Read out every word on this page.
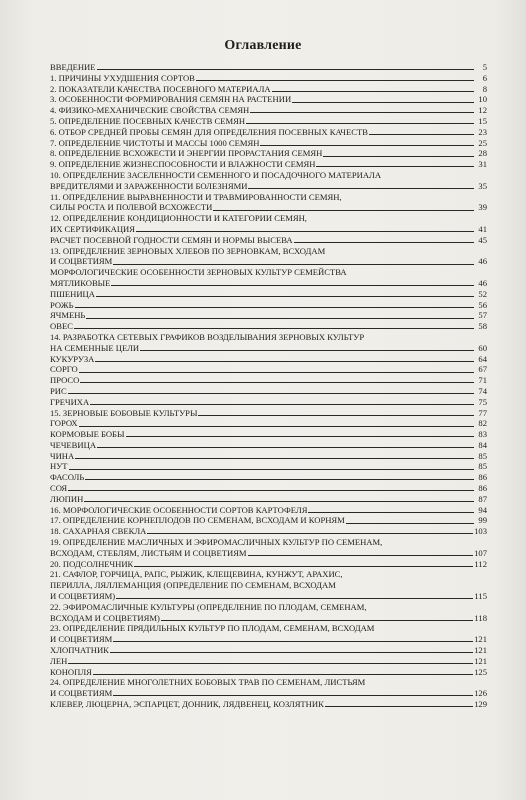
Оглавление
ВВЕДЕНИЕ	5
1. ПРИЧИНЫ УХУДШЕНИЯ СОРТОВ	6
2. ПОКАЗАТЕЛИ КАЧЕСТВА ПОСЕВНОГО МАТЕРИАЛА	8
3. ОСОБЕННОСТИ ФОРМИРОВАНИЯ СЕМЯН НА РАСТЕНИИ	10
4. ФИЗИКО-МЕХАНИЧЕСКИЕ СВОЙСТВА СЕМЯН	12
5. ОПРЕДЕЛЕНИЕ ПОСЕВНЫХ КАЧЕСТВ СЕМЯН	15
6. ОТБОР СРЕДНЕЙ ПРОБЫ СЕМЯН ДЛЯ ОПРЕДЕЛЕНИЯ ПОСЕВНЫХ КАЧЕСТВ	23
7. ОПРЕДЕЛЕНИЕ ЧИСТОТЫ И МАССЫ 1000 СЕМЯН	25
8. ОПРЕДЕЛЕНИЕ ВСХОЖЕСТИ И ЭНЕРГИИ ПРОРАСТАНИЯ СЕМЯН	28
9. ОПРЕДЕЛЕНИЕ ЖИЗНЕСПОСОБНОСТИ И ВЛАЖНОСТИ СЕМЯН	31
10. ОПРЕДЕЛЕНИЕ ЗАСЕЛЕННОСТИ СЕМЕННОГО И ПОСАДОЧНОГО МАТЕРИАЛА
ВРЕДИТЕЛЯМИ И ЗАРАЖЕННОСТИ БОЛЕЗНЯМИ	35
11. ОПРЕДЕЛЕНИЕ ВЫРАВНЕННОСТИ И ТРАВМИРОВАННОСТИ СЕМЯН,
СИЛЫ РОСТА И ПОЛЕВОЙ ВСХОЖЕСТИ	39
12. ОПРЕДЕЛЕНИЕ КОНДИЦИОННОСТИ И КАТЕГОРИИ СЕМЯН,
ИХ СЕРТИФИКАЦИЯ	41
РАСЧЕТ ПОСЕВНОЙ ГОДНОСТИ СЕМЯН И НОРМЫ ВЫСЕВА	45
13. ОПРЕДЕЛЕНИЕ ЗЕРНОВЫХ ХЛЕБОВ ПО ЗЕРНОВКАМ, ВСХОДАМ
И СОЦВЕТИЯМ	46
МОРФОЛОГИЧЕСКИЕ ОСОБЕННОСТИ ЗЕРНОВЫХ КУЛЬТУР СЕМЕЙСТВА
МЯТЛИКОВЫЕ	46
ПШЕНИЦА	52
РОЖЬ	56
ЯЧМЕНЬ	57
ОВЕС	58
14. РАЗРАБОТКА СЕТЕВЫХ ГРАФИКОВ ВОЗДЕЛЫВАНИЯ ЗЕРНОВЫХ КУЛЬТУР
НА СЕМЕННЫЕ ЦЕЛИ	60
КУКУРУЗА	64
СОРГО	67
ПРОСО	71
РИС	74
ГРЕЧИХА	75
15. ЗЕРНОВЫЕ БОБОВЫЕ КУЛЬТУРЫ	77
ГОРОХ	82
КОРМОВЫЕ БОБЫ	83
ЧЕЧЕВИЦА	84
ЧИНА	85
НУТ	85
ФАСОЛЬ	86
СОЯ	86
ЛЮПИН	87
16. МОРФОЛОГИЧЕСКИЕ ОСОБЕННОСТИ СОРТОВ КАРТОФЕЛЯ	94
17. ОПРЕДЕЛЕНИЕ КОРНЕПЛОДОВ ПО СЕМЕНАМ, ВСХОДАМ И КОРНЯМ	99
18. САХАРНАЯ СВЕКЛА	103
19. ОПРЕДЕЛЕНИЕ МАСЛИЧНЫХ И ЭФИРОМАСЛИЧНЫХ КУЛЬТУР ПО СЕМЕНАМ,
ВСХОДАМ, СТЕБЛЯМ, ЛИСТЬЯМ И СОЦВЕТИЯМ	107
20. ПОДСОЛНЕЧНИК	112
21. САФЛОР, ГОРЧИЦА, РАПС, РЫЖИК, КЛЕЩЕВИНА, КУНЖУТ, АРАХИС,
ПЕРИЛЛА, ЛЯЛЛЕМАНЦИЯ (ОПРЕДЕЛЕНИЕ ПО СЕМЕНАМ, ВСХОДАМ
И СОЦВЕТИЯМ)	115
22. ЭФИРОМАСЛИЧНЫЕ КУЛЬТУРЫ (ОПРЕДЕЛЕНИЕ ПО ПЛОДАМ, СЕМЕНАМ,
ВСХОДАМ И СОЦВЕТИЯМ)	118
23. ОПРЕДЕЛЕНИЕ ПРЯДИЛЬНЫХ КУЛЬТУР ПО ПЛОДАМ, СЕМЕНАМ, ВСХОДАМ
И СОЦВЕТИЯМ	121
ХЛОПЧАТНИК	121
ЛЕН	121
КОНОПЛЯ	125
24. ОПРЕДЕЛЕНИЕ МНОГОЛЕТНИХ БОБОВЫХ ТРАВ ПО СЕМЕНАМ, ЛИСТЬЯМ
И СОЦВЕТИЯМ	126
КЛЕВЕР, ЛЮЦЕРНА, ЭСПАРЦЕТ, ДОННИК, ЛЯДВЕНЕЦ, КОЗЛЯТНИК	129
